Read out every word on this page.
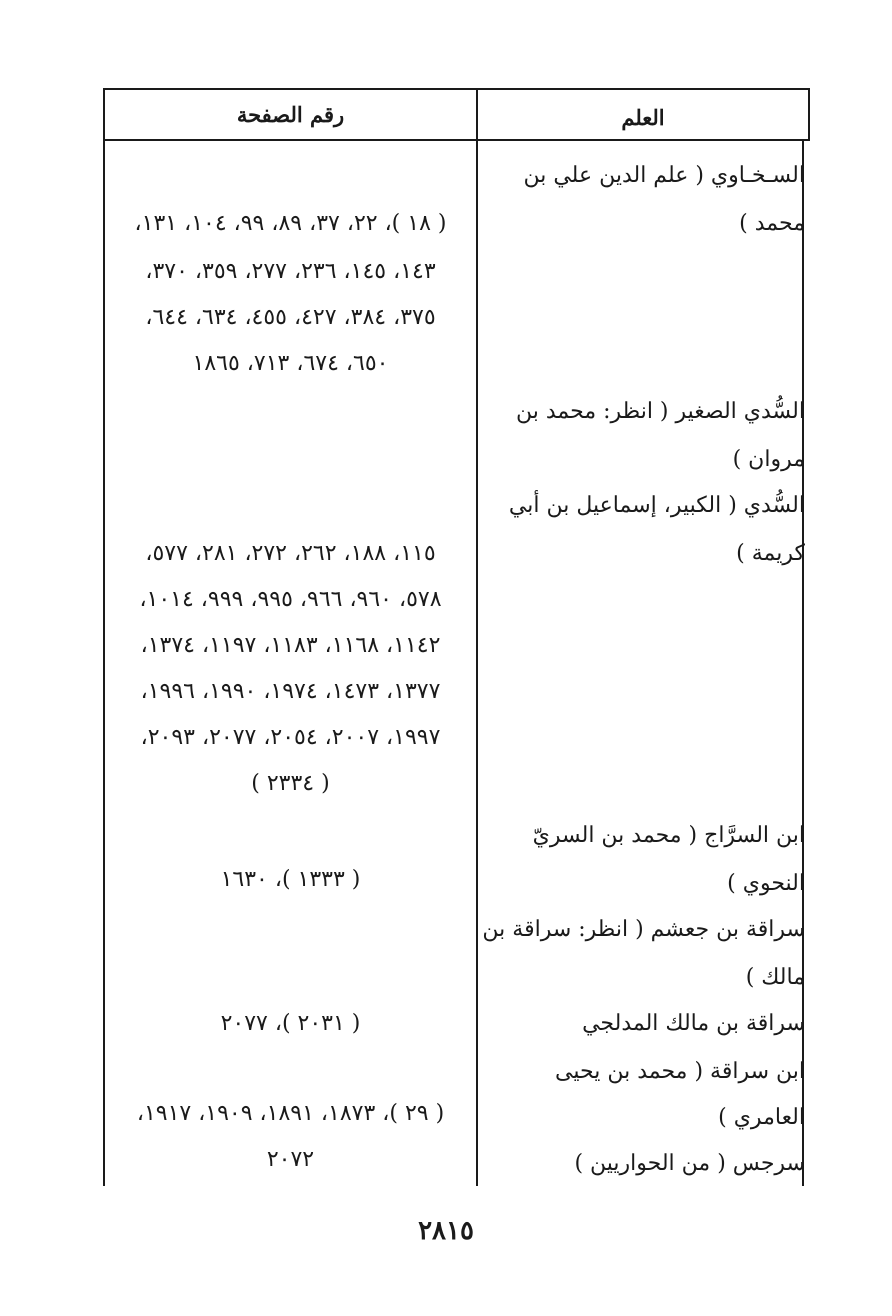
العلم
رقم الصفحة
السـخـاوي ( علم الدين علي بن
محمد )
( ١٨ )، ٢٢، ٣٧، ٨٩، ٩٩، ١٠٤، ١٣١،
١٤٣، ١٤٥، ٢٣٦، ٢٧٧، ٣٥٩، ٣٧٠،
٣٧٥، ٣٨٤، ٤٢٧، ٤٥٥، ٦٣٤، ٦٤٤،
٦٥٠، ٦٧٤، ٧١٣، ١٨٦٥
السُّدي الصغير ( انظر: محمد بن
مروان )
السُّدي ( الكبير، إسماعيل بن أبي
كريمة )
١١٥، ١٨٨، ٢٦٢، ٢٧٢، ٢٨١، ٥٧٧،
٥٧٨، ٩٦٠، ٩٦٦، ٩٩٥، ٩٩٩، ١٠١٤،
١١٤٢، ١١٦٨، ١١٨٣، ١١٩٧، ١٣٧٤،
١٣٧٧، ١٤٧٣، ١٩٧٤، ١٩٩٠، ١٩٩٦،
١٩٩٧، ٢٠٠٧، ٢٠٥٤، ٢٠٧٧، ٢٠٩٣،
( ٢٣٣٤ )
ابن السرَّاج ( محمد بن السريّ
النحوي )
( ١٣٣٣ )، ١٦٣٠
سراقة بن جعشم ( انظر: سراقة بن
مالك )
سراقة بن مالك المدلجي
( ٢٠٣١ )، ٢٠٧٧
ابن سراقة ( محمد بن يحيى
العامري )
( ٢٩ )، ١٨٧٣، ١٨٩١، ١٩٠٩، ١٩١٧،
سرجس ( من الحواريين )
٢٠٧٢
٢٨١٥
